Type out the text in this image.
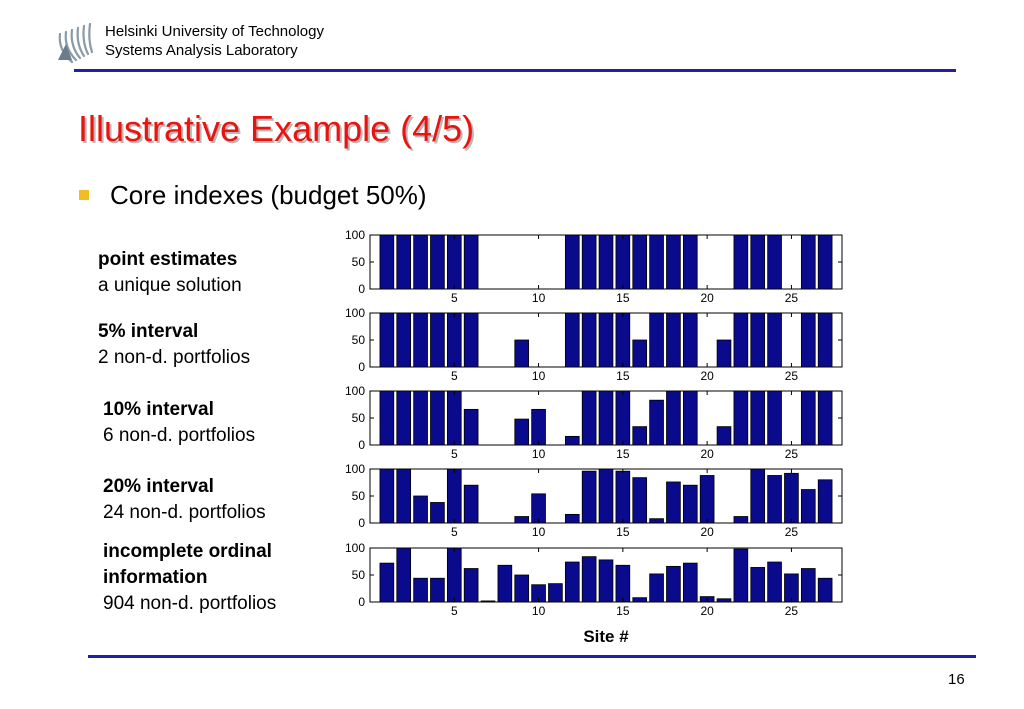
Helsinki University of Technology
Systems Analysis Laboratory
Illustrative Example (4/5)
Core indexes (budget 50%)
point estimates
a unique solution
5% interval
2 non-d. portfolios
10% interval
6 non-d. portfolios
20% interval
24 non-d. portfolios
incomplete ordinal information
904 non-d. portfolios
0
50
100
5	10	15	20	25
0
50
100
5	10	15	20	25
0
50
100
5	10	15	20	25
0
50
100
5	10	15	20	25
0
50
100
5	10	15	20	25
Site #
16
